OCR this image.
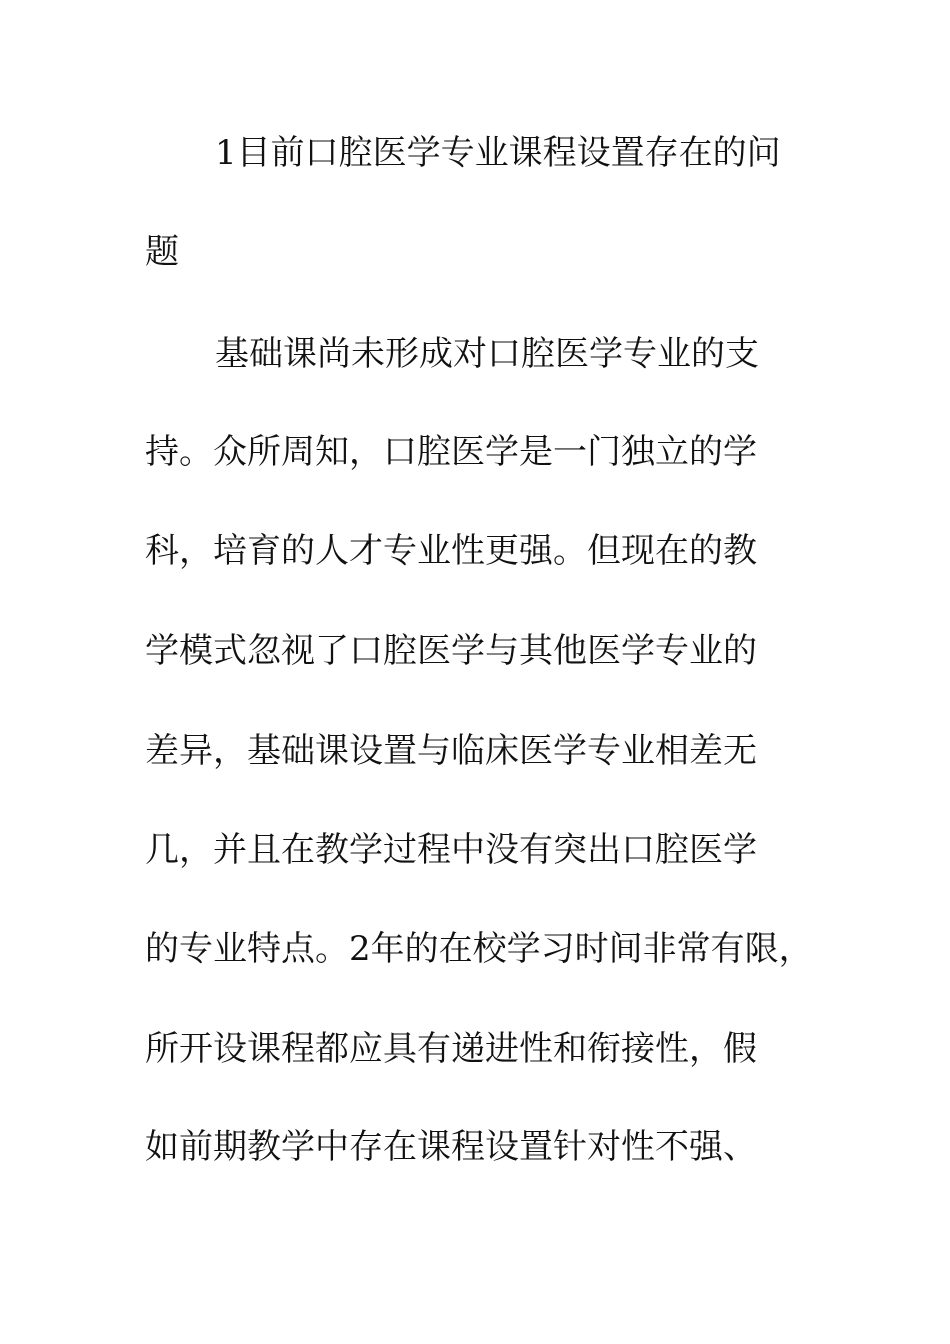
1目前口腔医学专业课程设置存在的问
题
基础课尚未形成对口腔医学专业的支
持。众所周知，口腔医学是一门独立的学
科，培育的人才专业性更强。但现在的教
学模式忽视了口腔医学与其他医学专业的
差异，基础课设置与临床医学专业相差无
几，并且在教学过程中没有突出口腔医学
的专业特点。2年的在校学习时间非常有限，
所开设课程都应具有递进性和衔接性，假
如前期教学中存在课程设置针对性不强、
